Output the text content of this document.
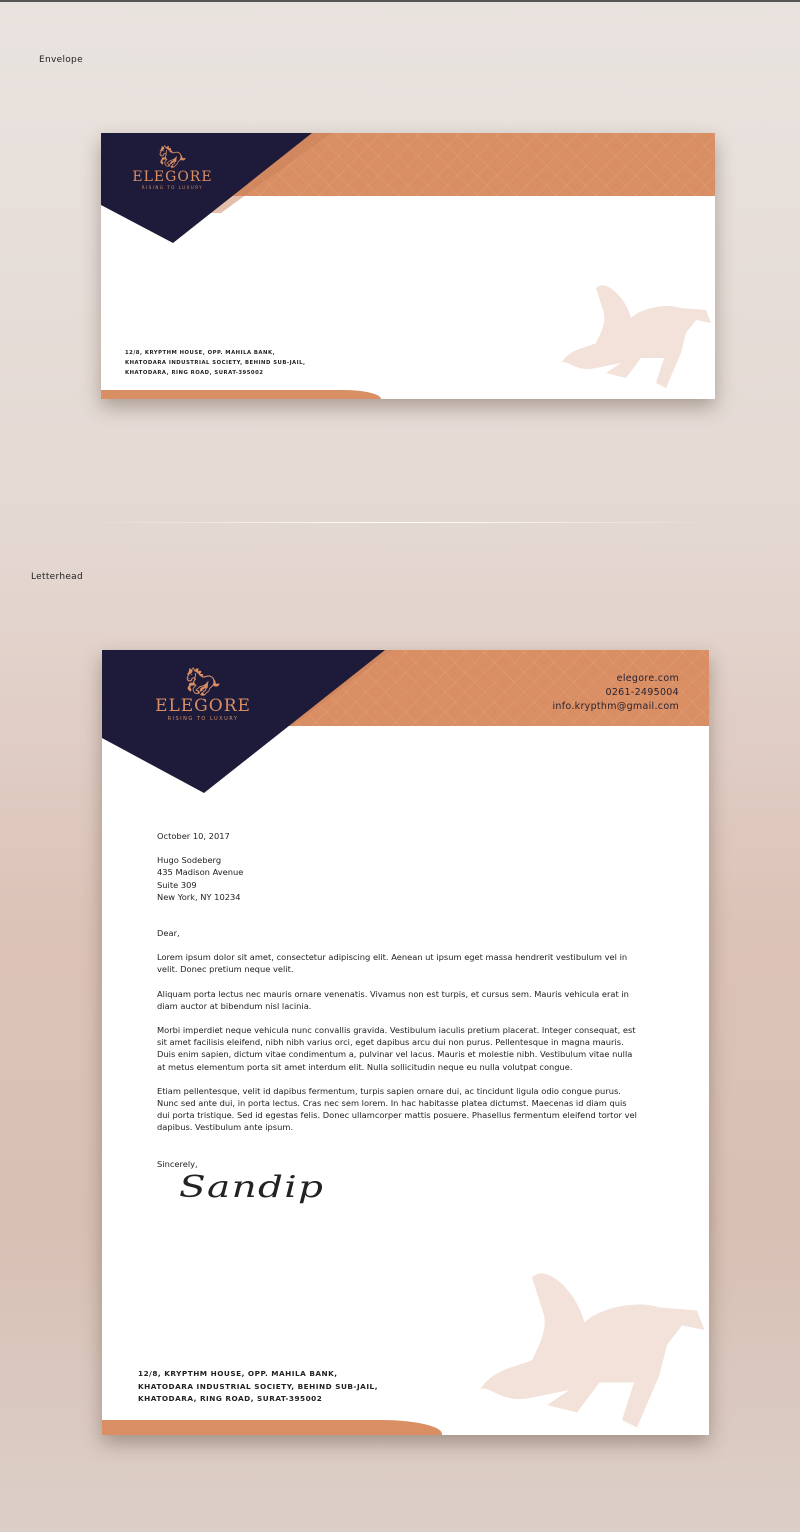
Envelope
🐎︎
ELEGORE
RISING TO LUXURY
12/8, KRYPTHM HOUSE, OPP. MAHILA BANK,
KHATODARA INDUSTRIAL SOCIETY, BEHIND SUB-JAIL,
KHATODARA, RING ROAD, SURAT-395002
Letterhead
elegore.com
0261-2495004
info.krypthm@gmail.com
🐎︎
ELEGORE
RISING TO LUXURY

October 10, 2017

Hugo Sodeberg
435 Madison Avenue
Suite 309
New York, NY 10234

Dear,

Lorem ipsum dolor sit amet, consectetur adipiscing elit. Aenean ut ipsum eget massa hendrerit vestibulum vel in velit. Donec pretium neque velit.

Aliquam porta lectus nec mauris ornare venenatis. Vivamus non est turpis, et cursus sem. Mauris vehicula erat in diam auctor at bibendum nisl lacinia.

Morbi imperdiet neque vehicula nunc convallis gravida. Vestibulum iaculis pretium placerat. Integer consequat, est sit amet facilisis eleifend, nibh nibh varius orci, eget dapibus arcu dui non purus. Pellentesque in magna mauris. Duis enim sapien, dictum vitae condimentum a, pulvinar vel lacus. Mauris et molestie nibh. Vestibulum vitae nulla at metus elementum porta sit amet interdum elit. Nulla sollicitudin neque eu nulla volutpat congue.

Etiam pellentesque, velit id dapibus fermentum, turpis sapien ornare dui, ac tincidunt ligula odio congue purus. Nunc sed ante dui, in porta lectus. Cras nec sem lorem. In hac habitasse platea dictumst. Maecenas id diam quis dui porta tristique. Sed id egestas felis. Donec ullamcorper mattis posuere. Phasellus fermentum eleifend tortor vel dapibus. Vestibulum ante ipsum.

Sincerely,

Sandip
12/8, KRYPTHM HOUSE, OPP. MAHILA BANK,
KHATODARA INDUSTRIAL SOCIETY, BEHIND SUB-JAIL,
KHATODARA, RING ROAD, SURAT-395002
